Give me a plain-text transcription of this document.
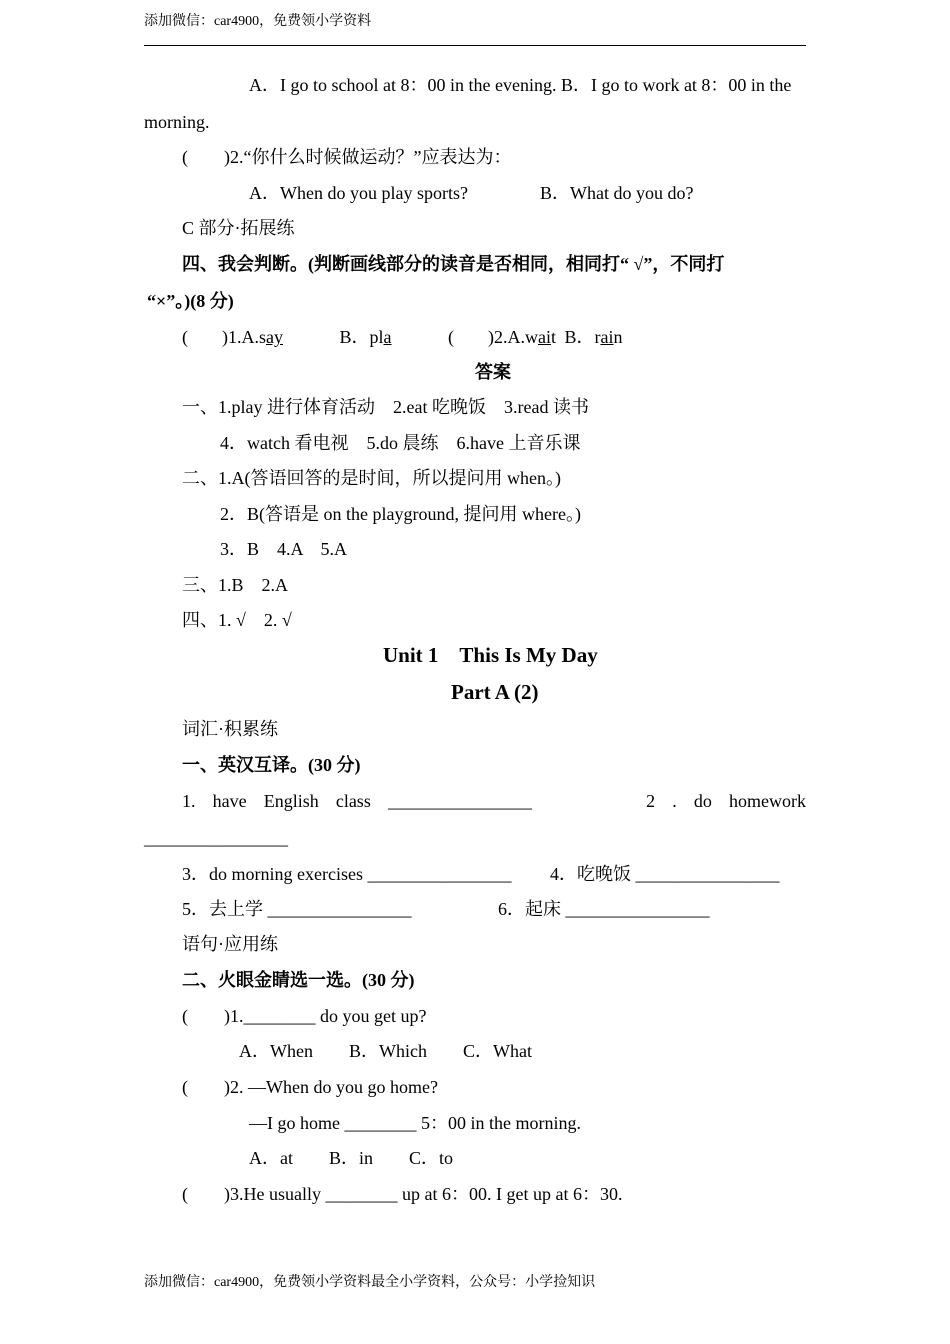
添加微信：car4900，免费领小学资料
A．I go to school at 8：00 in the evening. B．I go to work at 8：00 in the
morning.
( )2.“你什么时候做运动？”应表达为：
A．When do you play sports?	B．What do you do?
C 部分·拓展练
四、我会判断。(判断画线部分的读音是否相同，相同打“ √”，不同打
“×”。)(8 分)
( )1.A.say	B．pla	( )2.A.wait B．rain
答案
一、1.play 进行体育活动　2.eat 吃晚饭　3.read 读书
4．watch 看电视　5.do 晨练　6.have 上音乐课
二、1.A(答语回答的是时间，所以提问用 when。)
2．B(答语是 on the playground, 提问用 where。)
3．B　4.A　5.A
三、1.B　2.A
四、1. √　2. √
Unit 1　This Is My Day
Part A (2)
词汇·积累练
一、英汉互译。(30 分)
1. have English class ________________	2 . do homework
________________
3．do morning exercises ________________ 4．吃晚饭 ________________
5．去上学 ________________	6．起床 ________________
语句·应用练
二、火眼金睛选一选。(30 分)
( )1.________ do you get up?
A．When　　B．Which　　C．What
( )2. —When do you go home?
—I go home ________ 5：00 in the morning.
A．at　　B．in　　C．to
( )3.He usually ________ up at 6：00. I get up at 6：30.
添加微信：car4900，免费领小学资料最全小学资料，公众号：小学捡知识
